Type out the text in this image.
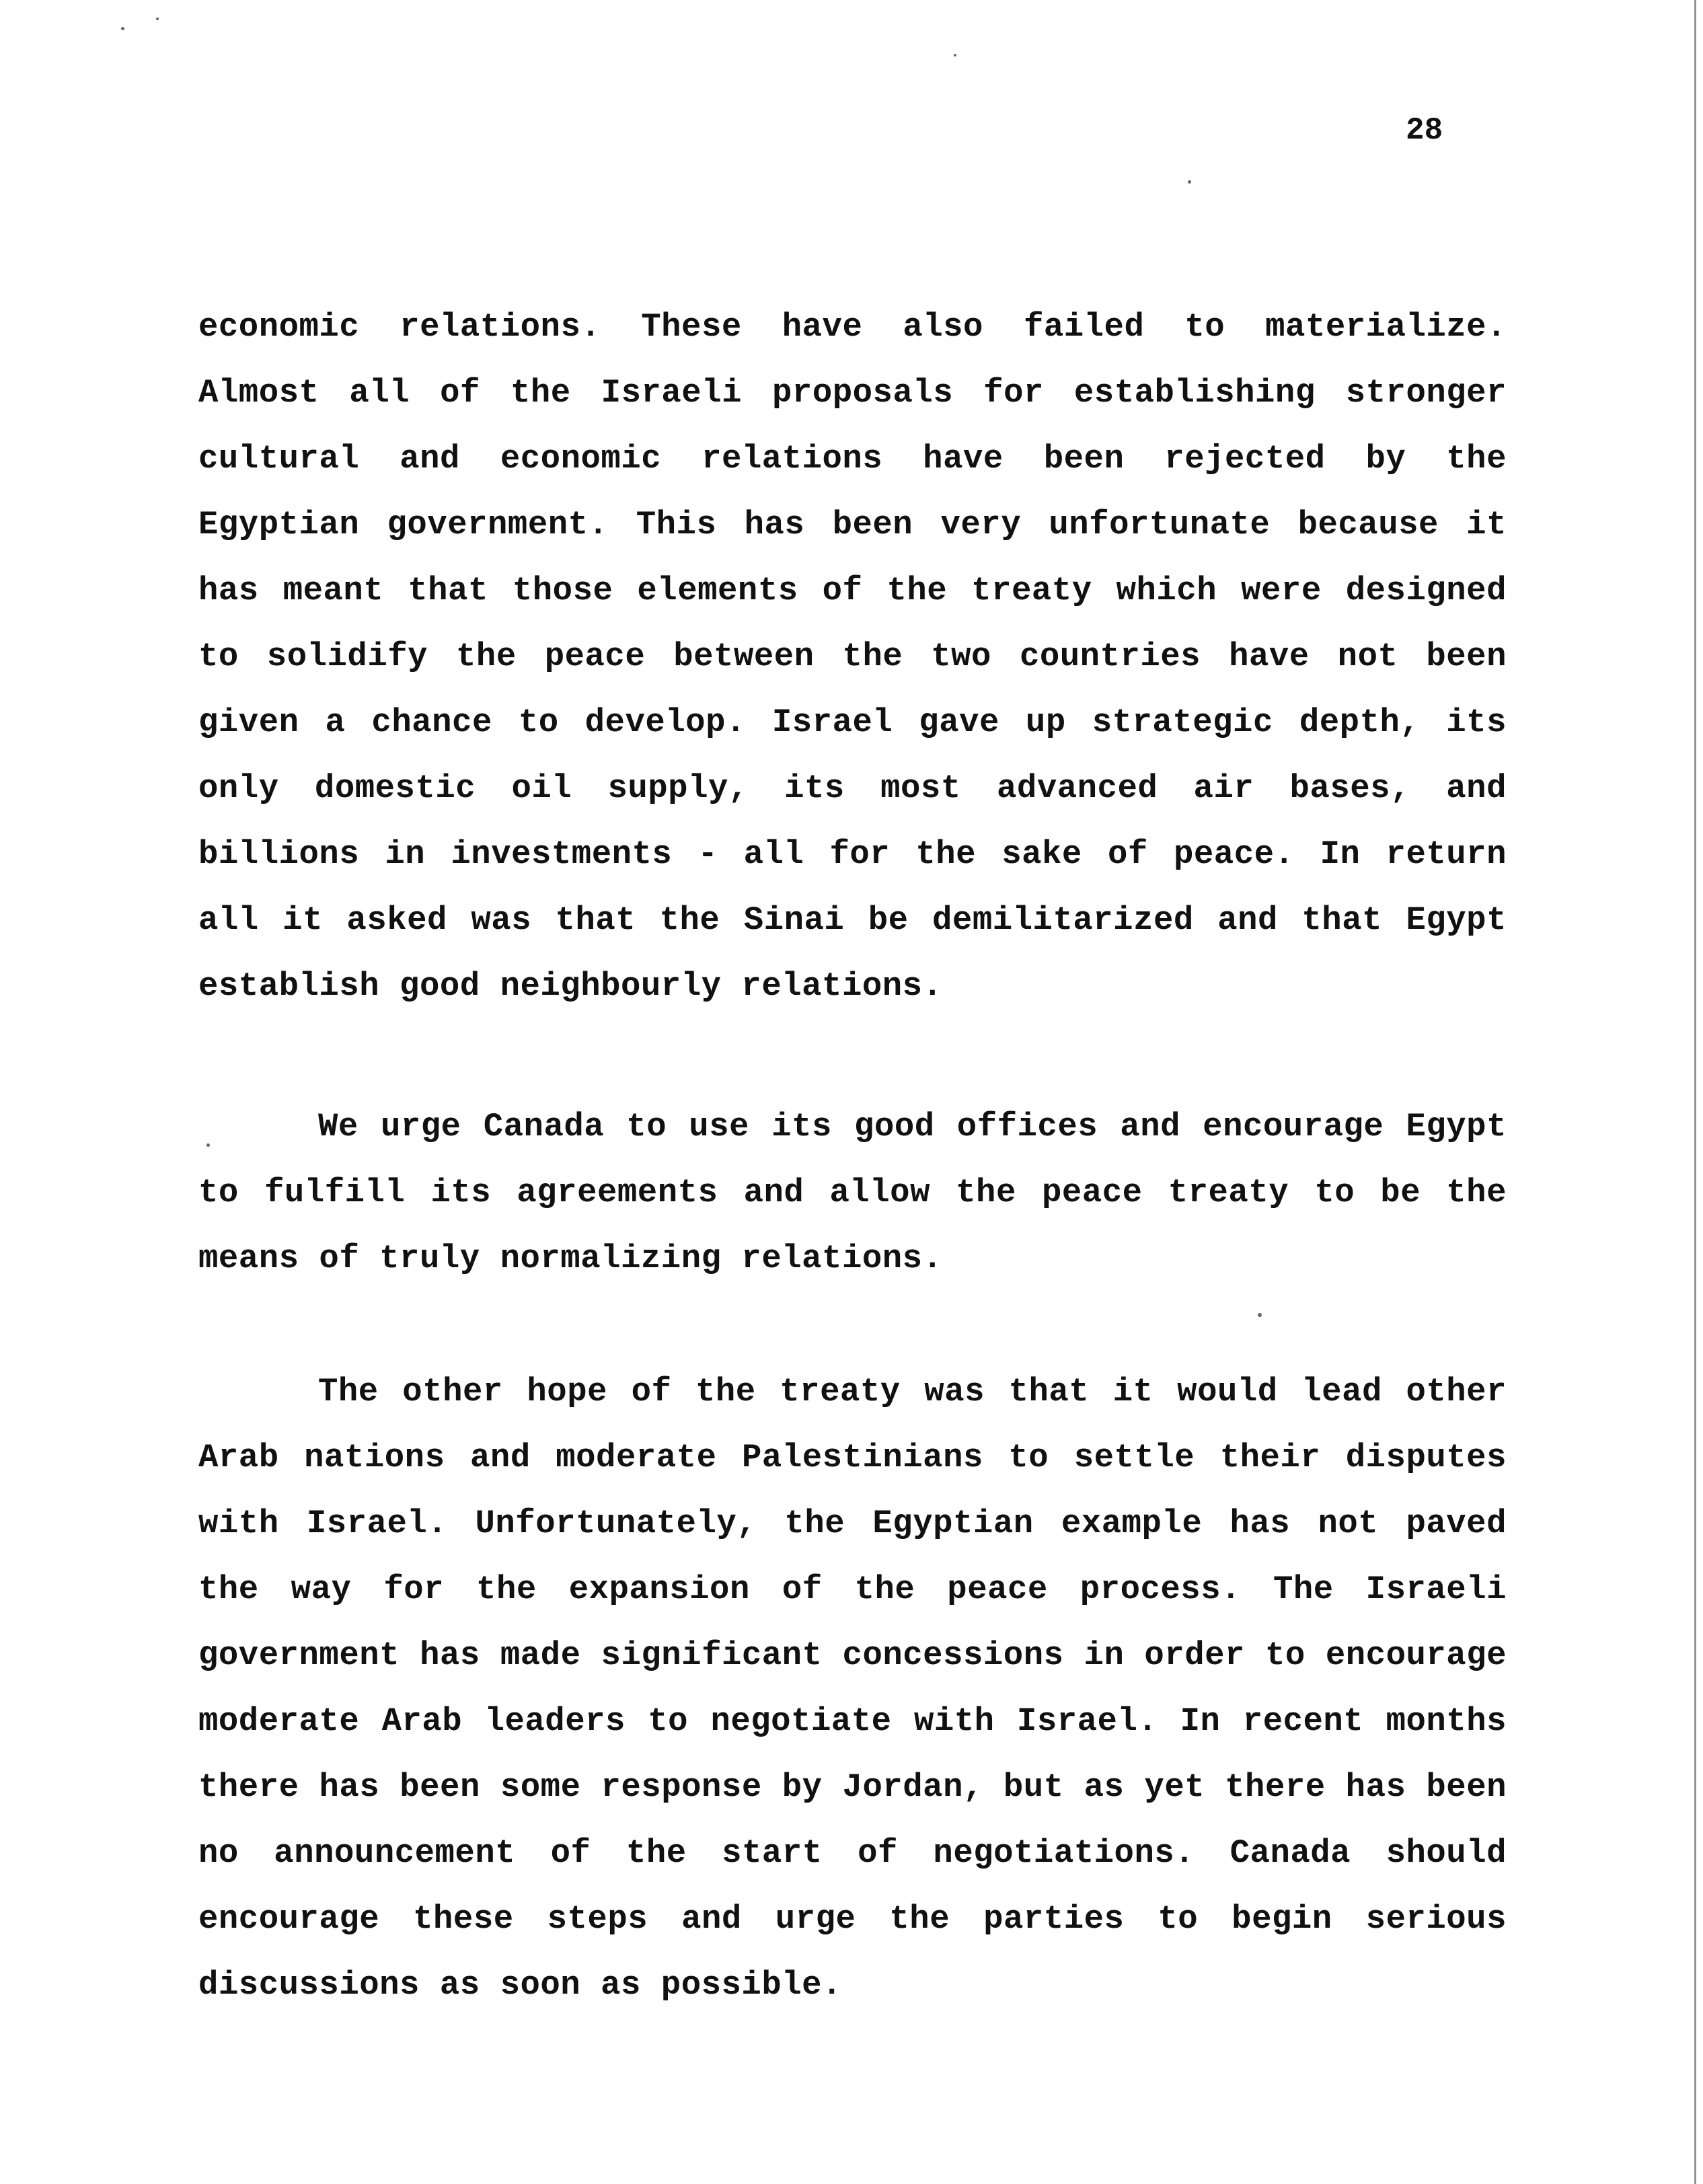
28

economic relations. These have also failed to materialize.
Almost all of the Israeli proposals for establishing stronger
cultural and economic relations have been rejected by the
Egyptian government. This has been very unfortunate because it
has meant that those elements of the treaty which were designed
to solidify the peace between the two countries have not been
given a chance to develop. Israel gave up strategic depth, its
only domestic oil supply, its most advanced air bases, and
billions in investments - all for the sake of peace. In return
all it asked was that the Sinai be demilitarized and that Egypt
establish good neighbourly relations.

We urge Canada to use its good offices and encourage Egypt
to fulfill its agreements and allow the peace treaty to be the
means of truly normalizing relations.

The other hope of the treaty was that it would lead other
Arab nations and moderate Palestinians to settle their disputes
with Israel. Unfortunately, the Egyptian example has not paved
the way for the expansion of the peace process. The Israeli
government has made significant concessions in order to encourage
moderate Arab leaders to negotiate with Israel. In recent months
there has been some response by Jordan, but as yet there has been
no announcement of the start of negotiations. Canada should
encourage these steps and urge the parties to begin serious
discussions as soon as possible.
